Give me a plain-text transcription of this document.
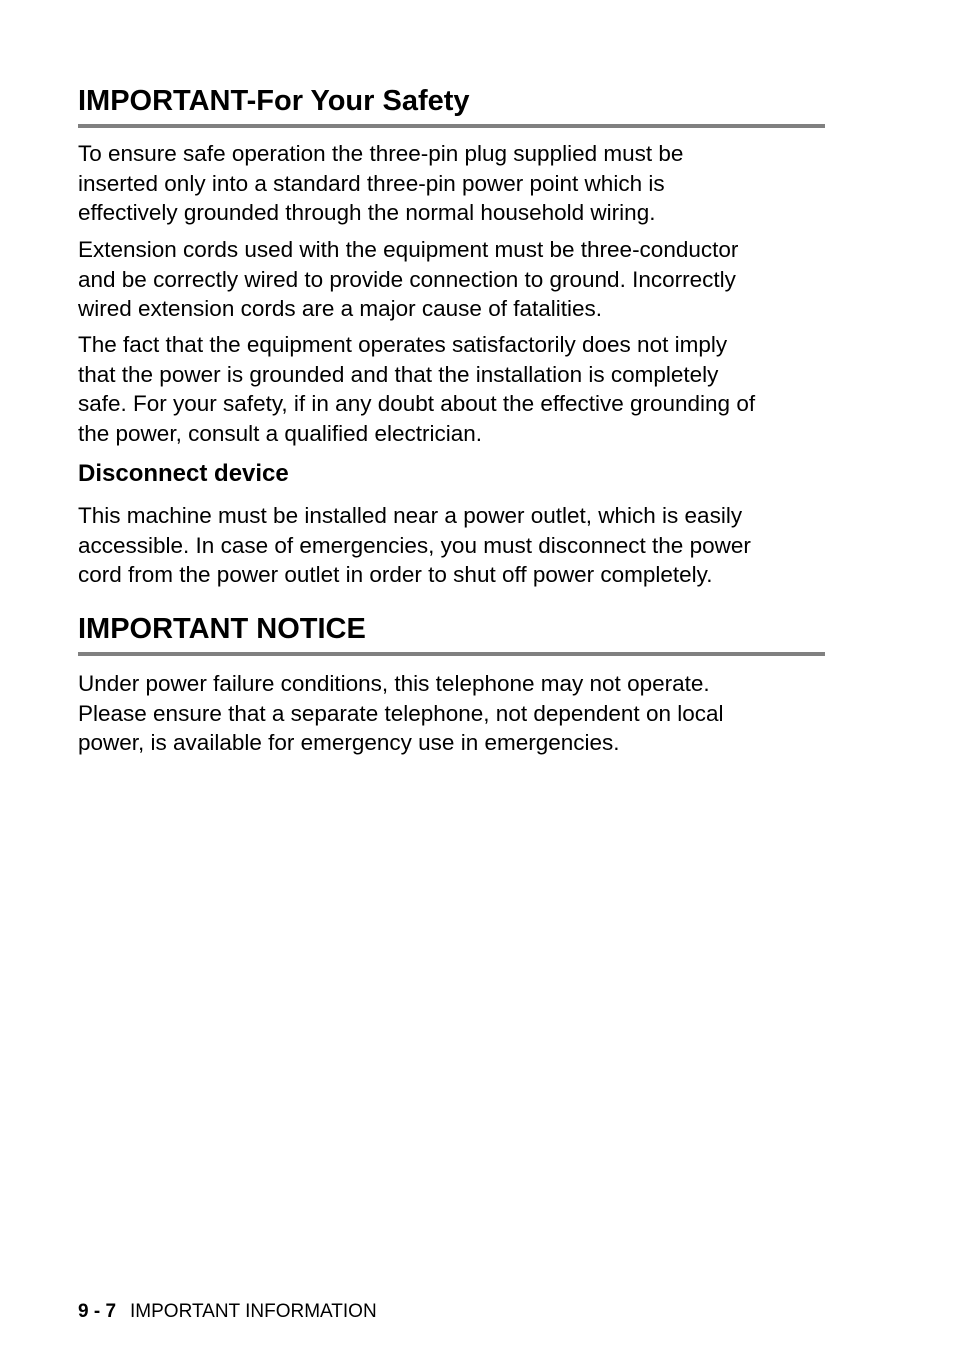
IMPORTANT-For Your Safety

To ensure safe operation the three-pin plug supplied must be
inserted only into a standard three-pin power point which is
effectively grounded through the normal household wiring.

Extension cords used with the equipment must be three-conductor
and be correctly wired to provide connection to ground. Incorrectly
wired extension cords are a major cause of fatalities.

The fact that the equipment operates satisfactorily does not imply
that the power is grounded and that the installation is completely
safe. For your safety, if in any doubt about the effective grounding of
the power, consult a qualified electrician.

Disconnect device

This machine must be installed near a power outlet, which is easily
accessible. In case of emergencies, you must disconnect the power
cord from the power outlet in order to shut off power completely.

IMPORTANT NOTICE

Under power failure conditions, this telephone may not operate.
Please ensure that a separate telephone, not dependent on local
power, is available for emergency use in emergencies.

9 - 7 IMPORTANT INFORMATION
